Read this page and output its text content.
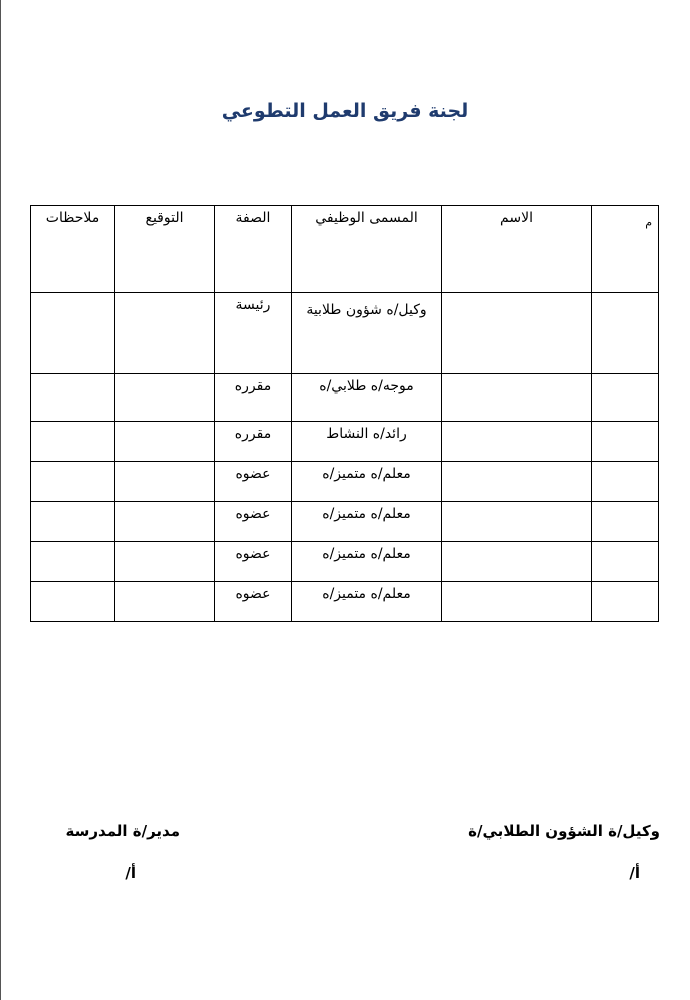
لجنة فريق العمل التطوعي
م	الاسم	المسمى الوظيفي	الصفة	التوقيع	ملاحظات
		وكيل/ه شؤون طلابية	رئيسة		
		موجه/ه طلابي/ه	مقرره		
		رائد/ه النشاط	مقرره		
		معلم/ه متميز/ه	عضوه		
		معلم/ه متميز/ه	عضوه		
		معلم/ه متميز/ه	عضوه		
		معلم/ه متميز/ه	عضوه		
وكيل/ة الشؤون الطلابي/ة
أ/
مدير/ة المدرسة
أ/
